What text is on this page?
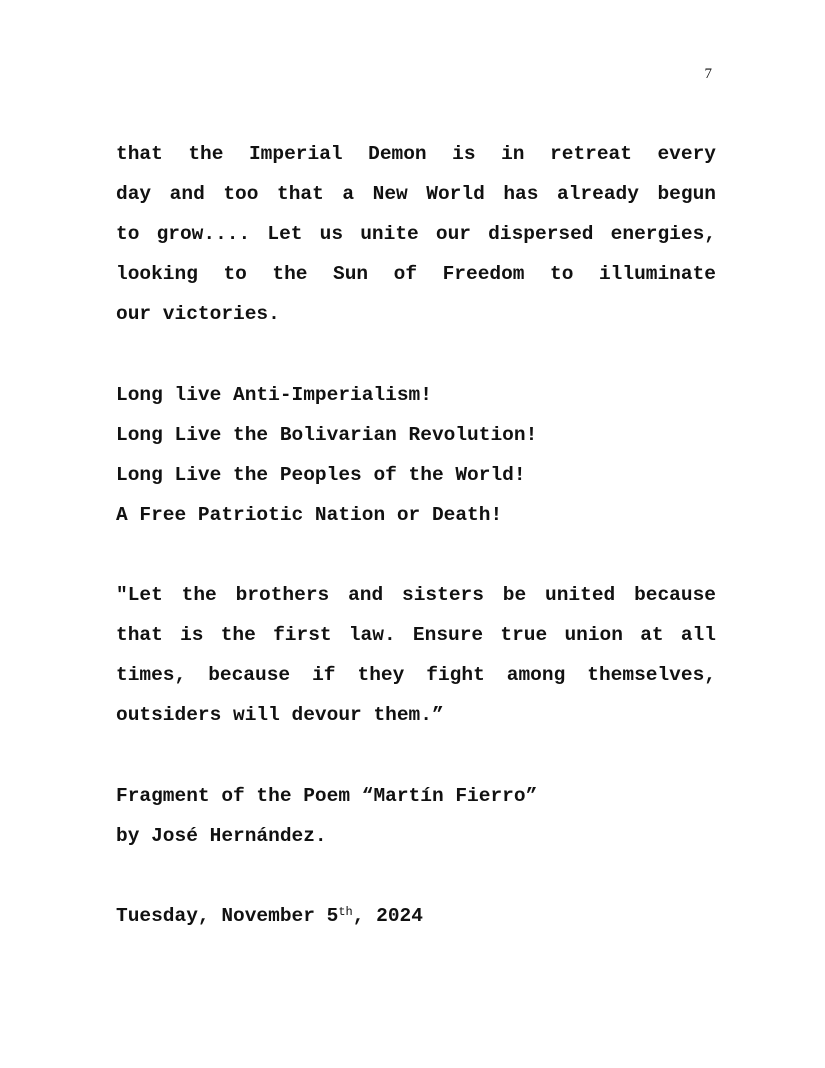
7
that the Imperial Demon is in retreat every
day and too that a New World has already begun
to grow.... Let us unite our dispersed energies,
looking to the Sun of Freedom to illuminate
our victories.
Long live Anti-Imperialism!
Long Live the Bolivarian Revolution!
Long Live the Peoples of the World!
A Free Patriotic Nation or Death!
"Let the brothers and sisters be united because
that is the first law. Ensure true union at all
times, because if they fight among themselves,
outsiders will devour them.”
Fragment of the Poem “Martín Fierro”
by José Hernández.
Tuesday, November 5th, 2024
